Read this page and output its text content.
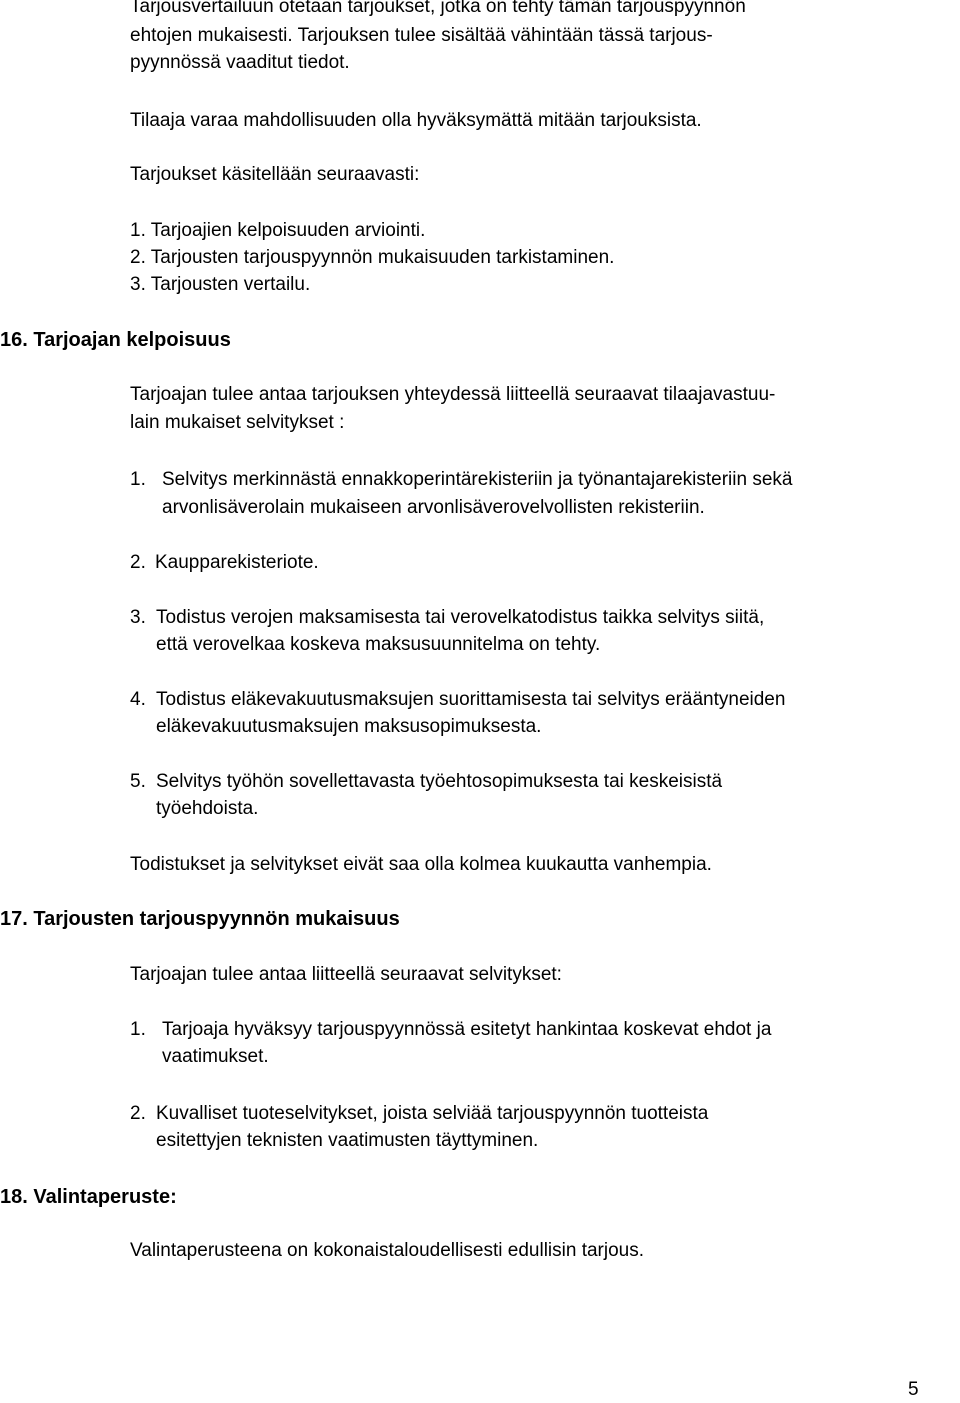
Tarjousvertailuun otetaan tarjoukset, jotka on tehty tämän tarjouspyynnön

ehtojen mukaisesti. Tarjouksen tulee sisältää vähintään tässä tarjous-

pyynnössä vaaditut tiedot.

Tilaaja varaa mahdollisuuden olla hyväksymättä mitään tarjouksista.

Tarjoukset käsitellään seuraavasti:

1. Tarjoajien kelpoisuuden arviointi.

2. Tarjousten tarjouspyynnön mukaisuuden tarkistaminen.

3. Tarjousten vertailu.

16. Tarjoajan kelpoisuus

Tarjoajan tulee antaa tarjouksen yhteydessä liitteellä seuraavat tilaajavastuu-

lain mukaiset selvitykset :

1. Selvitys merkinnästä ennakkoperintärekisteriin ja työnantajarekisteriin sekä

arvonlisäverolain mukaiseen arvonlisäverovelvollisten rekisteriin.

2. Kaupparekisteriote.

3. Todistus verojen maksamisesta tai verovelkatodistus taikka selvitys siitä,

että verovelkaa koskeva maksusuunnitelma on tehty.

4. Todistus eläkevakuutusmaksujen suorittamisesta tai selvitys erääntyneiden

eläkevakuutusmaksujen maksusopimuksesta.

5. Selvitys työhön sovellettavasta työehtosopimuksesta tai keskeisistä

työehdoista.

Todistukset ja selvitykset eivät saa olla kolmea kuukautta vanhempia.

17. Tarjousten tarjouspyynnön mukaisuus

Tarjoajan tulee antaa liitteellä seuraavat selvitykset:

1. Tarjoaja hyväksyy tarjouspyynnössä esitetyt hankintaa koskevat ehdot ja

vaatimukset.

2. Kuvalliset tuoteselvitykset, joista selviää tarjouspyynnön tuotteista

esitettyjen teknisten vaatimusten täyttyminen.

18. Valintaperuste:

Valintaperusteena on kokonaistaloudellisesti edullisin tarjous.

5
